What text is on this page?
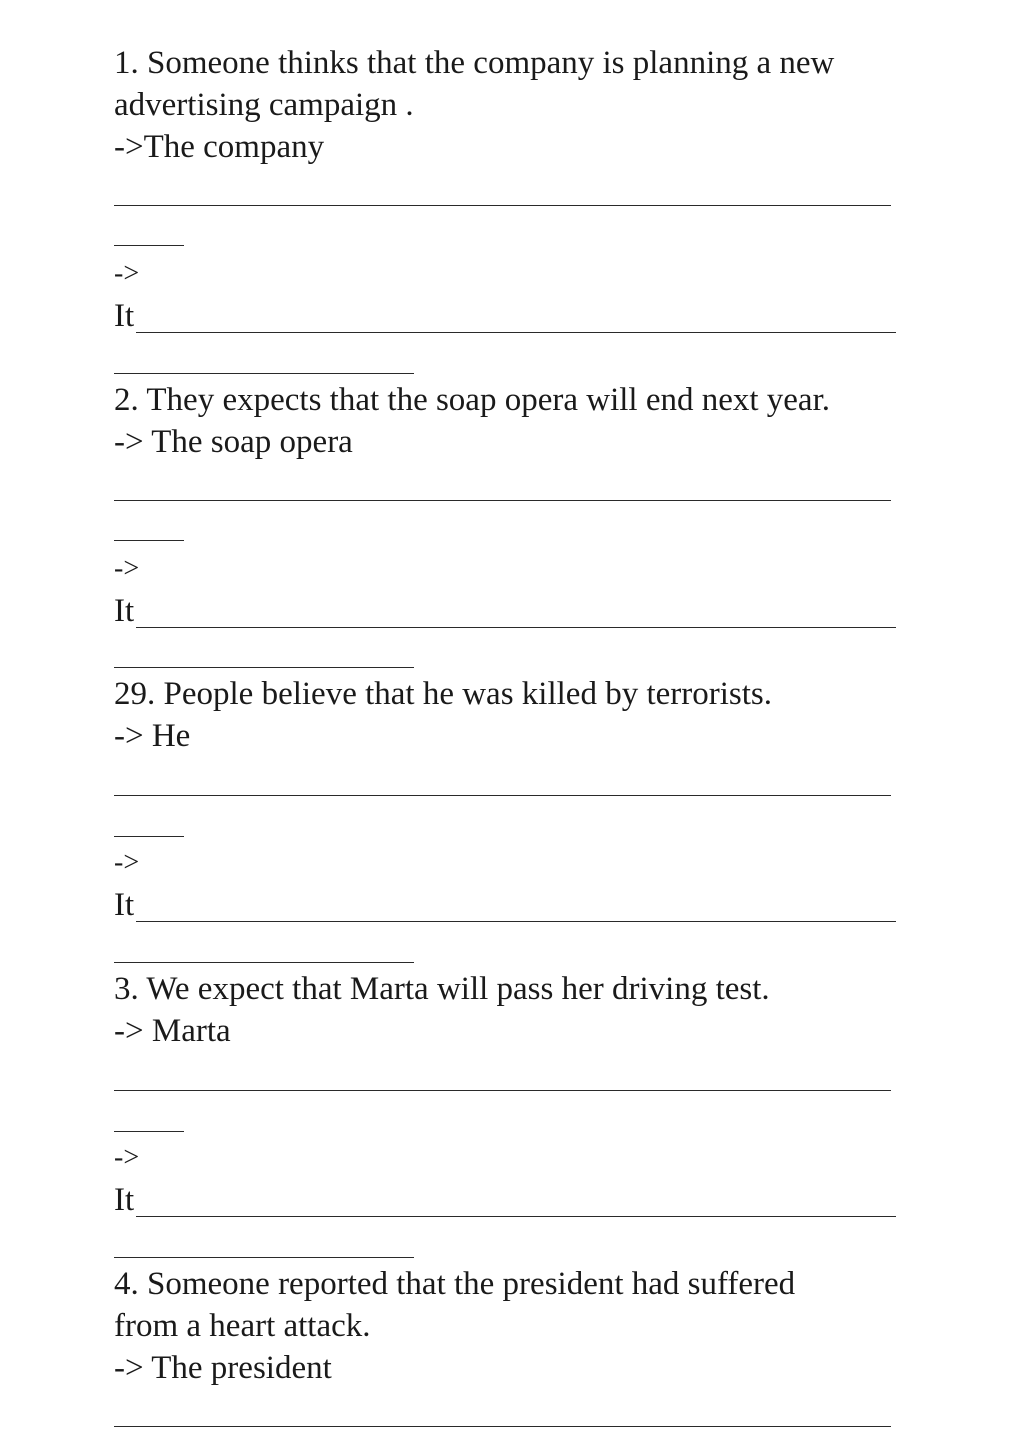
1. Someone thinks that the company is planning a new
advertising campaign .
->The company
->
It
2. They expects that the soap opera will end next year.
-> The soap opera
->
It
29. People believe that he was killed by terrorists.
-> He
->
It
3. We expect that Marta will pass her driving test.
-> Marta
->
It
4. Someone reported that the president had suffered
from a heart attack.
-> The president
